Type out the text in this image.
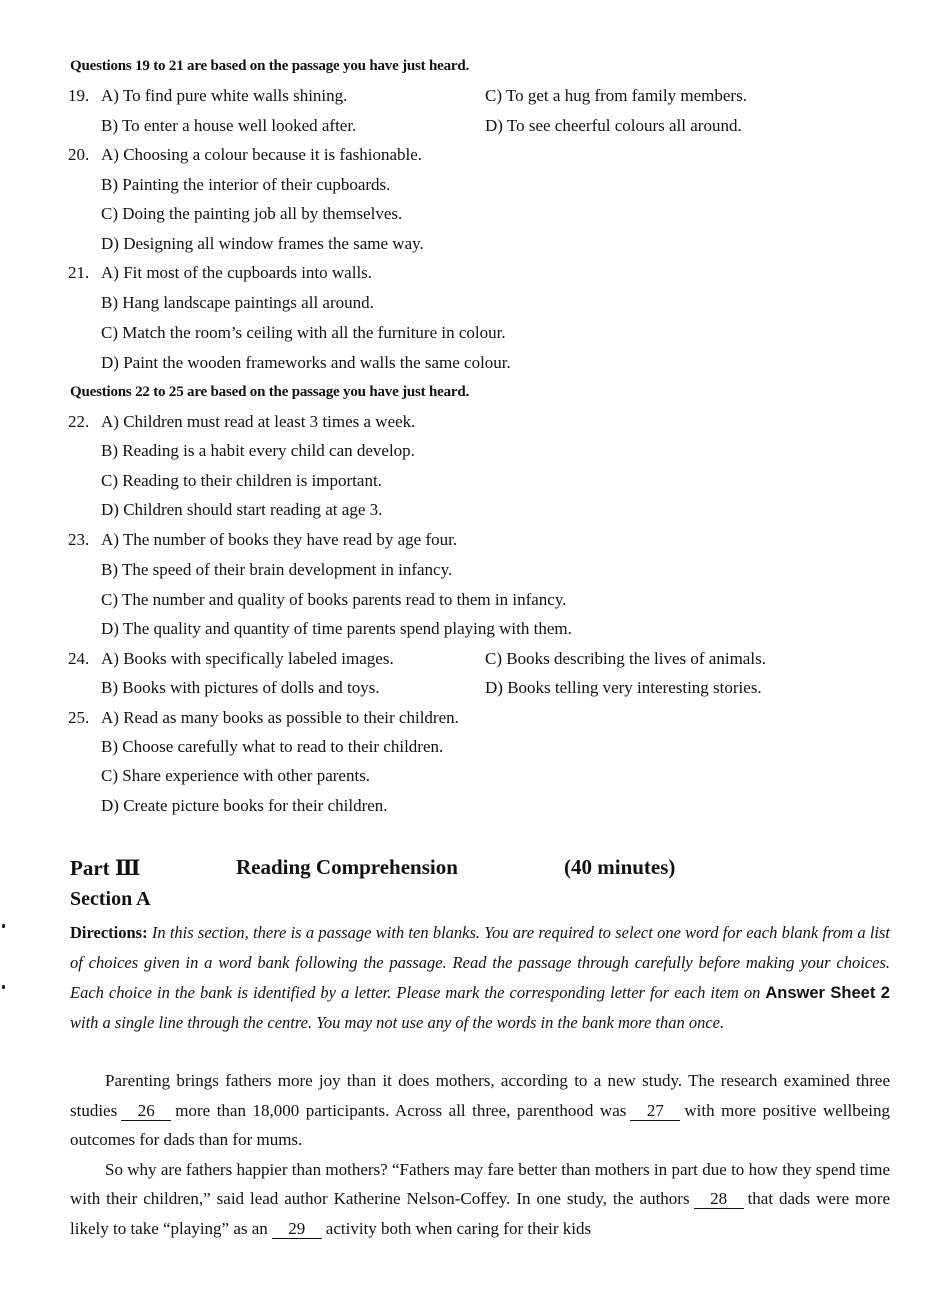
Questions 19 to 21 are based on the passage you have just heard.
19. A) To find pure white walls shining.	C) To get a hug from family members.
B) To enter a house well looked after.	D) To see cheerful colours all around.
20. A) Choosing a colour because it is fashionable.
B) Painting the interior of their cupboards.
C) Doing the painting job all by themselves.
D) Designing all window frames the same way.
21. A) Fit most of the cupboards into walls.
B) Hang landscape paintings all around.
C) Match the room’s ceiling with all the furniture in colour.
D) Paint the wooden frameworks and walls the same colour.
Questions 22 to 25 are based on the passage you have just heard.
22. A) Children must read at least 3 times a week.
B) Reading is a habit every child can develop.
C) Reading to their children is important.
D) Children should start reading at age 3.
23. A) The number of books they have read by age four.
B) The speed of their brain development in infancy.
C) The number and quality of books parents read to them in infancy.
D) The quality and quantity of time parents spend playing with them.
24. A) Books with specifically labeled images.	C) Books describing the lives of animals.
B) Books with pictures of dolls and toys.	D) Books telling very interesting stories.
25. A) Read as many books as possible to their children.
B) Choose carefully what to read to their children.
C) Share experience with other parents.
D) Create picture books for their children.
Part Ⅲ	Reading Comprehension	(40 minutes)
Section A
Directions: In this section, there is a passage with ten blanks. You are required to select one word for each blank from a list of choices given in a word bank following the passage. Read the passage through carefully before making your choices. Each choice in the bank is identified by a letter. Please mark the corresponding letter for each item on Answer Sheet 2 with a single line through the centre. You may not use any of the words in the bank more than once.
Parenting brings fathers more joy than it does mothers, according to a new study. The research examined three studies 26 more than 18,000 participants. Across all three, parenthood was 27 with more positive wellbeing outcomes for dads than for mums.
So why are fathers happier than mothers? “Fathers may fare better than mothers in part due to how they spend time with their children,” said lead author Katherine Nelson-Coffey. In one study, the authors 28 that dads were more likely to take “playing” as an 29 activity both when caring for their kids
